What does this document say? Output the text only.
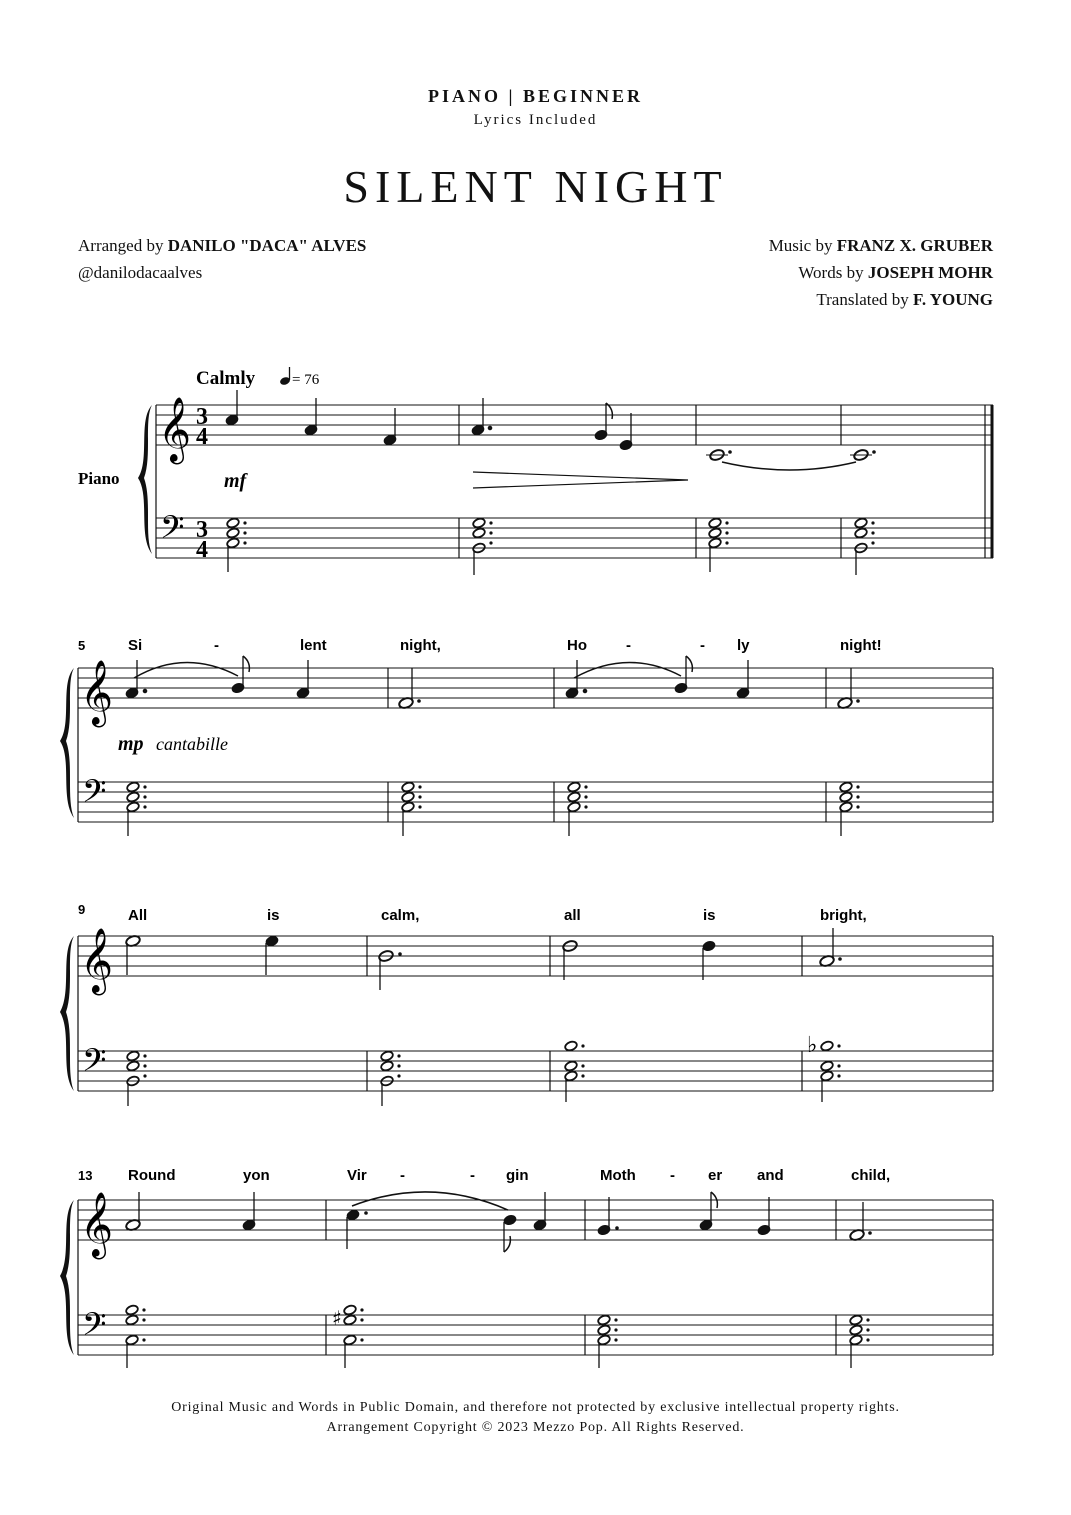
PIANO | BEGINNER
Lyrics Included
SILENT NIGHT
Arranged by DANILO "DACA" ALVES
@danilodacaalves
Music by FRANZ X. GRUBER
Words by JOSEPH MOHR
Translated by F. YOUNG
Calmly = 76
Piano
𝄞
𝄢
3
4
3
4
mf
5	Si	-	lent	night,	Ho	-	- ly	night!
𝄞
𝄢
mp cantabille
9	All	is	calm,	all	is	bright,
𝄞
𝄢	♭
13 Round	yon	Vir -	- gin	Moth - er and	child,
𝄞
𝄢	♯
Original Music and Words in Public Domain, and therefore not protected by exclusive intellectual property rights.
Arrangement Copyright © 2023 Mezzo Pop. All Rights Reserved.
